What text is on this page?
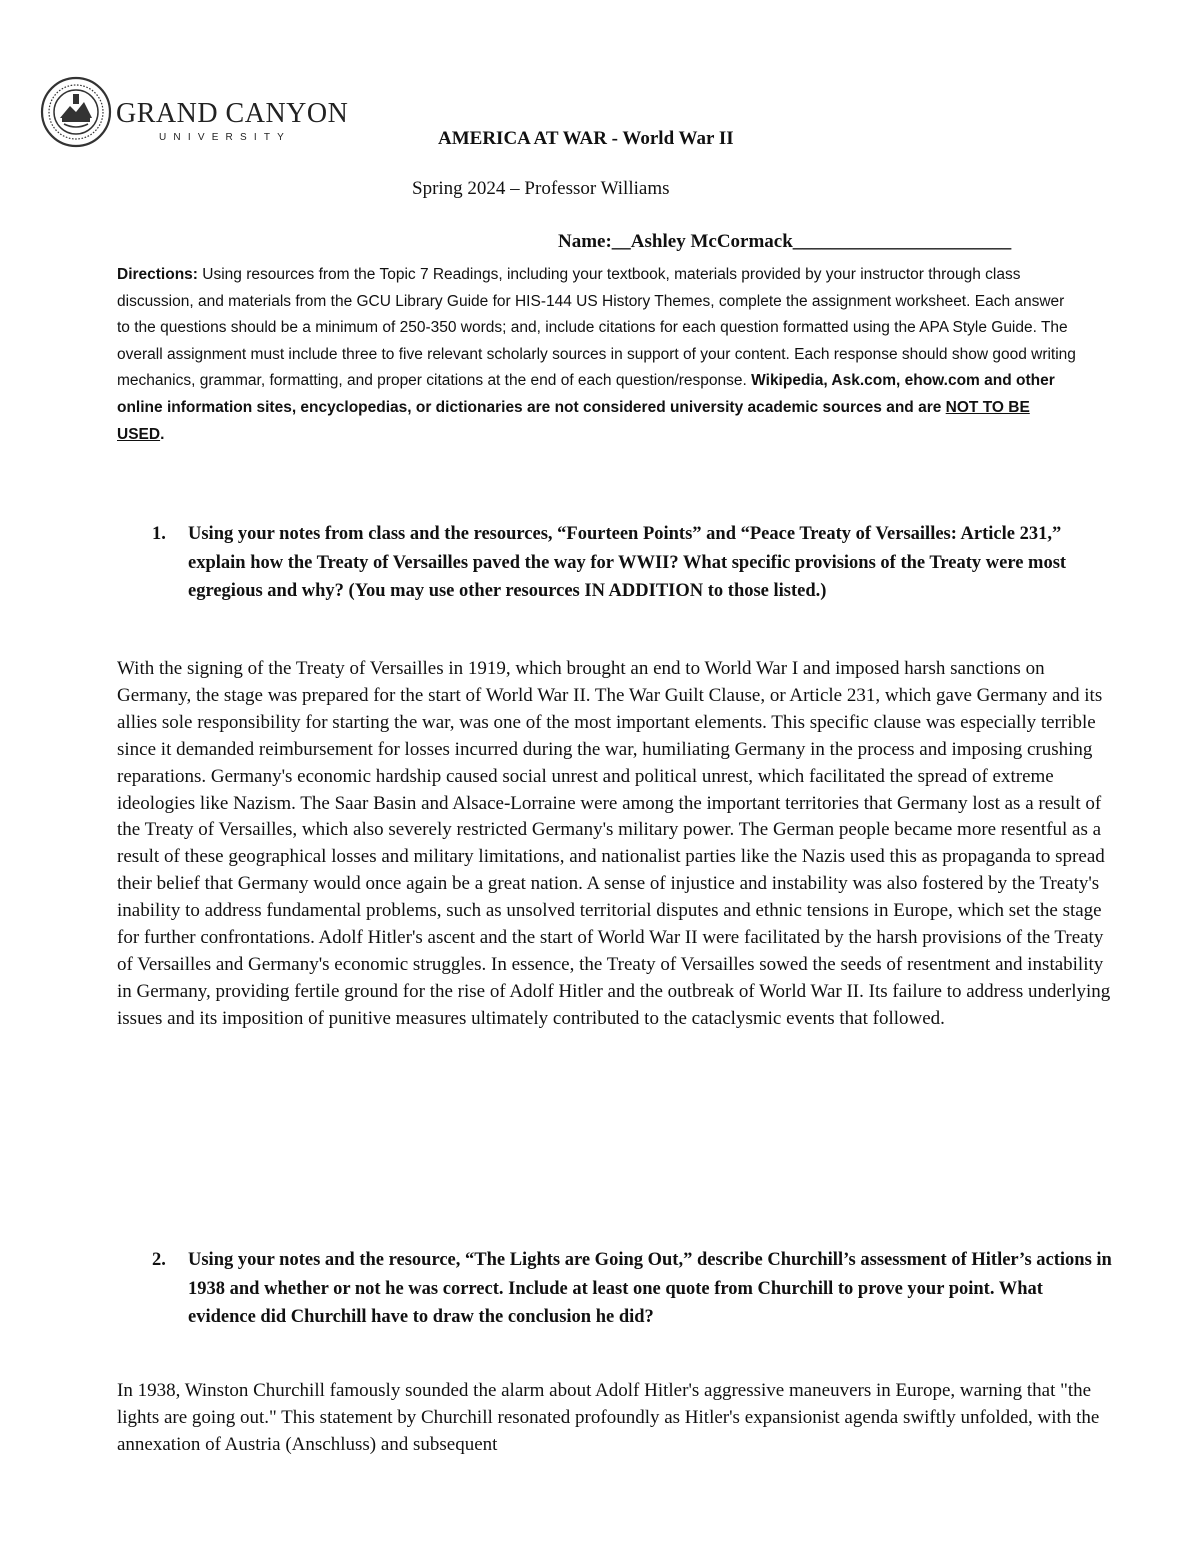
GRAND CANYON
UNIVERSITY	AMERICA AT WAR - World War II
Spring 2024 – Professor Williams
Name:__Ashley McCormack_______________________
Directions: Using resources from the Topic 7 Readings, including your textbook, materials provided by your instructor through class discussion, and materials from the GCU Library Guide for HIS-144 US History Themes, complete the assignment worksheet. Each answer to the questions should be a minimum of 250-350 words; and, include citations for each question formatted using the APA Style Guide. The overall assignment must include three to five relevant scholarly sources in support of your content. Each response should show good writing mechanics, grammar, formatting, and proper citations at the end of each question/response. Wikipedia, Ask.com, ehow.com and other online information sites, encyclopedias, or dictionaries are not considered university academic sources and are NOT TO BE USED.
1. Using your notes from class and the resources, “Fourteen Points” and “Peace Treaty of Versailles: Article 231,” explain how the Treaty of Versailles paved the way for WWII? What specific provisions of the Treaty were most egregious and why? (You may use other resources IN ADDITION to those listed.)
With the signing of the Treaty of Versailles in 1919, which brought an end to World War I and imposed harsh sanctions on Germany, the stage was prepared for the start of World War II. The War Guilt Clause, or Article 231, which gave Germany and its allies sole responsibility for starting the war, was one of the most important elements. This specific clause was especially terrible since it demanded reimbursement for losses incurred during the war, humiliating Germany in the process and imposing crushing reparations. Germany's economic hardship caused social unrest and political unrest, which facilitated the spread of extreme ideologies like Nazism. The Saar Basin and Alsace-Lorraine were among the important territories that Germany lost as a result of the Treaty of Versailles, which also severely restricted Germany's military power. The German people became more resentful as a result of these geographical losses and military limitations, and nationalist parties like the Nazis used this as propaganda to spread their belief that Germany would once again be a great nation. A sense of injustice and instability was also fostered by the Treaty's inability to address fundamental problems, such as unsolved territorial disputes and ethnic tensions in Europe, which set the stage for further confrontations. Adolf Hitler's ascent and the start of World War II were facilitated by the harsh provisions of the Treaty of Versailles and Germany's economic struggles. In essence, the Treaty of Versailles sowed the seeds of resentment and instability in Germany, providing fertile ground for the rise of Adolf Hitler and the outbreak of World War II. Its failure to address underlying issues and its imposition of punitive measures ultimately contributed to the cataclysmic events that followed.
2. Using your notes and the resource, “The Lights are Going Out,” describe Churchill’s assessment of Hitler’s actions in 1938 and whether or not he was correct. Include at least one quote from Churchill to prove your point. What evidence did Churchill have to draw the conclusion he did?
In 1938, Winston Churchill famously sounded the alarm about Adolf Hitler's aggressive maneuvers in Europe, warning that "the lights are going out." This statement by Churchill resonated profoundly as Hitler's expansionist agenda swiftly unfolded, with the annexation of Austria (Anschluss) and subsequent
